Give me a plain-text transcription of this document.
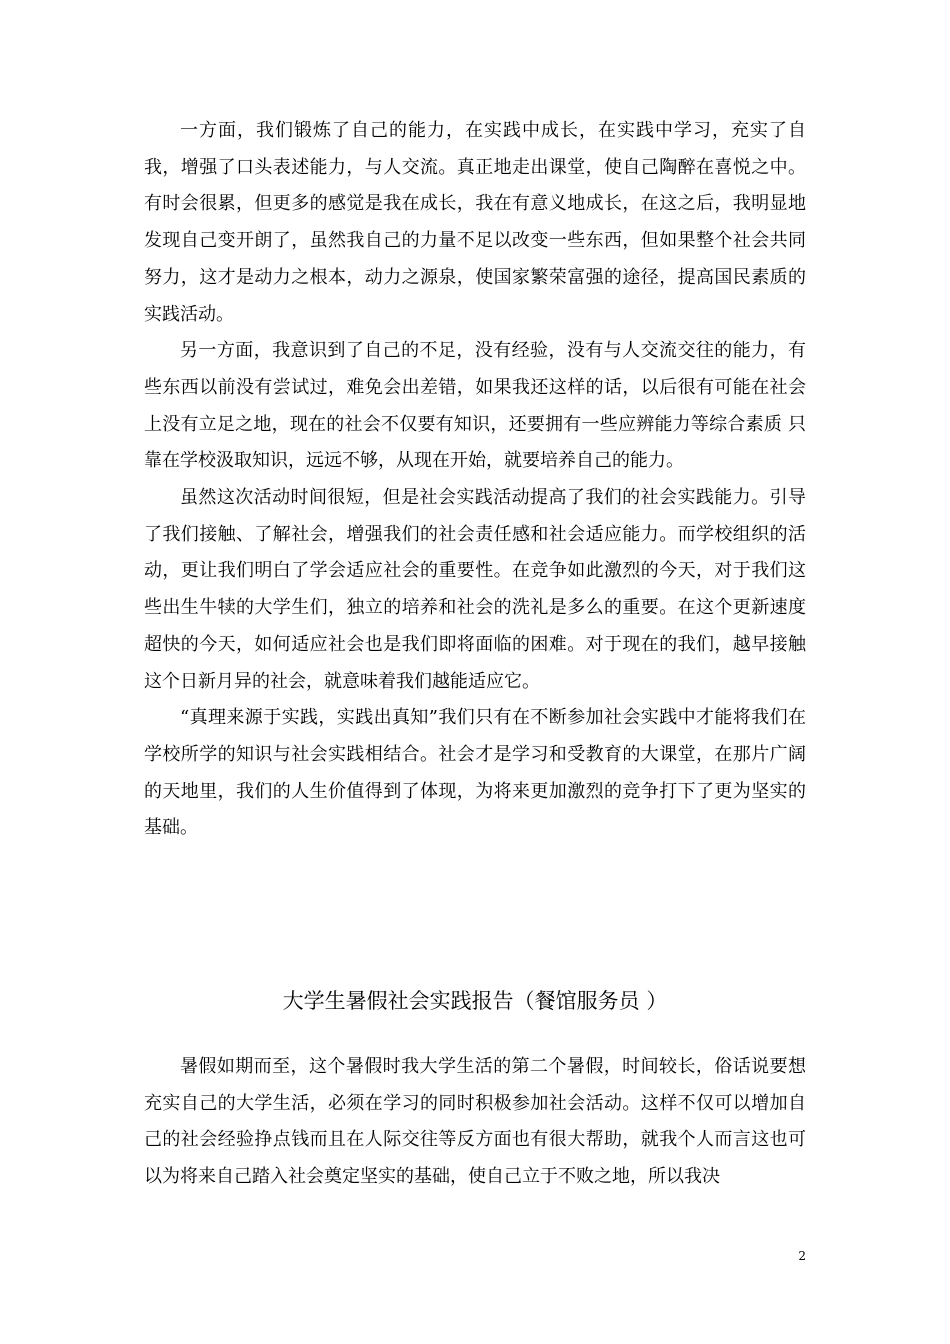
一方面，我们锻炼了自己的能力，在实践中成长，在实践中学习，充实了自我，增强了口头表述能力，与人交流。真正地走出课堂，使自己陶醉在喜悦之中。有时会很累，但更多的感觉是我在成长，我在有意义地成长，在这之后，我明显地发现自己变开朗了，虽然我自己的力量不足以改变一些东西，但如果整个社会共同努力，这才是动力之根本，动力之源泉，使国家繁荣富强的途径，提高国民素质的实践活动。

另一方面，我意识到了自己的不足，没有经验，没有与人交流交往的能力，有些东西以前没有尝试过，难免会出差错，如果我还这样的话，以后很有可能在社会上没有立足之地，现在的社会不仅要有知识，还要拥有一些应辨能力等综合素质 只靠在学校汲取知识，远远不够，从现在开始，就要培养自己的能力。

虽然这次活动时间很短，但是社会实践活动提高了我们的社会实践能力。引导了我们接触、了解社会，增强我们的社会责任感和社会适应能力。而学校组织的活动，更让我们明白了学会适应社会的重要性。在竞争如此激烈的今天，对于我们这些出生牛犊的大学生们，独立的培养和社会的洗礼是多么的重要。在这个更新速度超快的今天，如何适应社会也是我们即将面临的困难。对于现在的我们，越早接触这个日新月异的社会，就意味着我们越能适应它。

“真理来源于实践，实践出真知”我们只有在不断参加社会实践中才能将我们在学校所学的知识与社会实践相结合。社会才是学习和受教育的大课堂，在那片广阔的天地里，我们的人生价值得到了体现，为将来更加激烈的竞争打下了更为坚实的基础。

大学生暑假社会实践报告（餐馆服务员 ）

暑假如期而至，这个暑假时我大学生活的第二个暑假，时间较长，俗话说要想充实自己的大学生活，必须在学习的同时积极参加社会活动。这样不仅可以增加自己的社会经验挣点钱而且在人际交往等反方面也有很大帮助，就我个人而言这也可以为将来自己踏入社会奠定坚实的基础，使自己立于不败之地，所以我决

2
